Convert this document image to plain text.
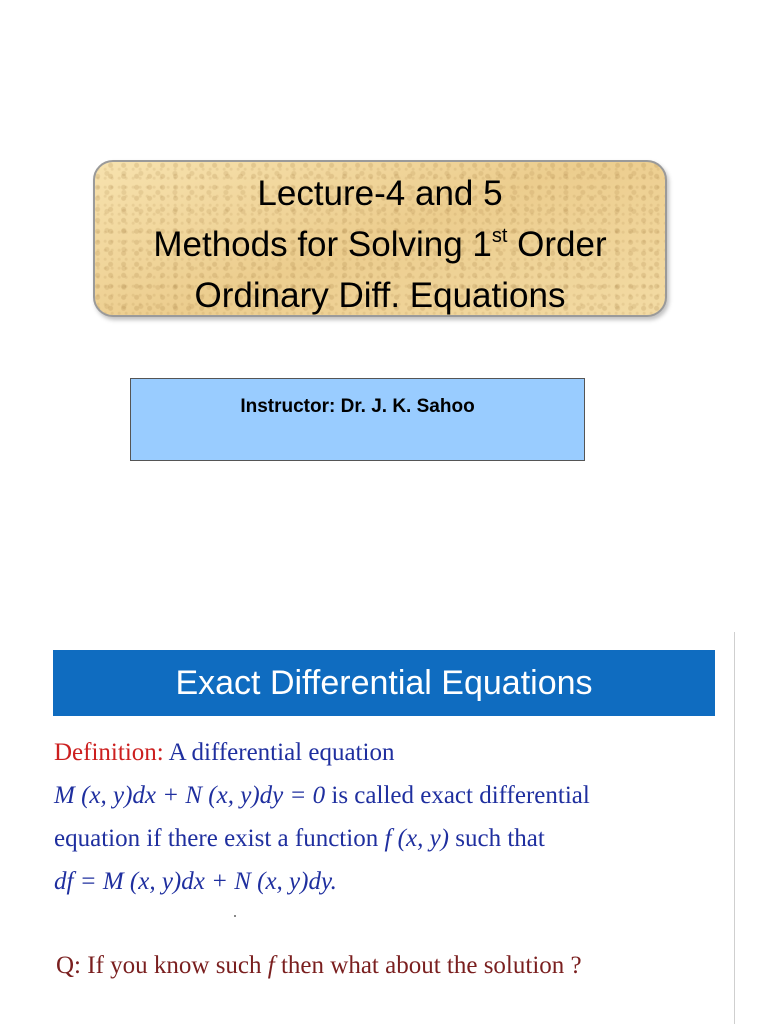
Lecture-4 and 5
Methods for Solving 1st Order
Ordinary Diff. Equations
Instructor: Dr. J. K. Sahoo
Exact Differential Equations
Definition: A differential equation
M (x, y)dx + N (x, y)dy = 0 is called exact differential
equation if there exist a function f (x, y) such that
df = M (x, y)dx + N (x, y)dy.
Q: If you know such f then what about the solution ?
